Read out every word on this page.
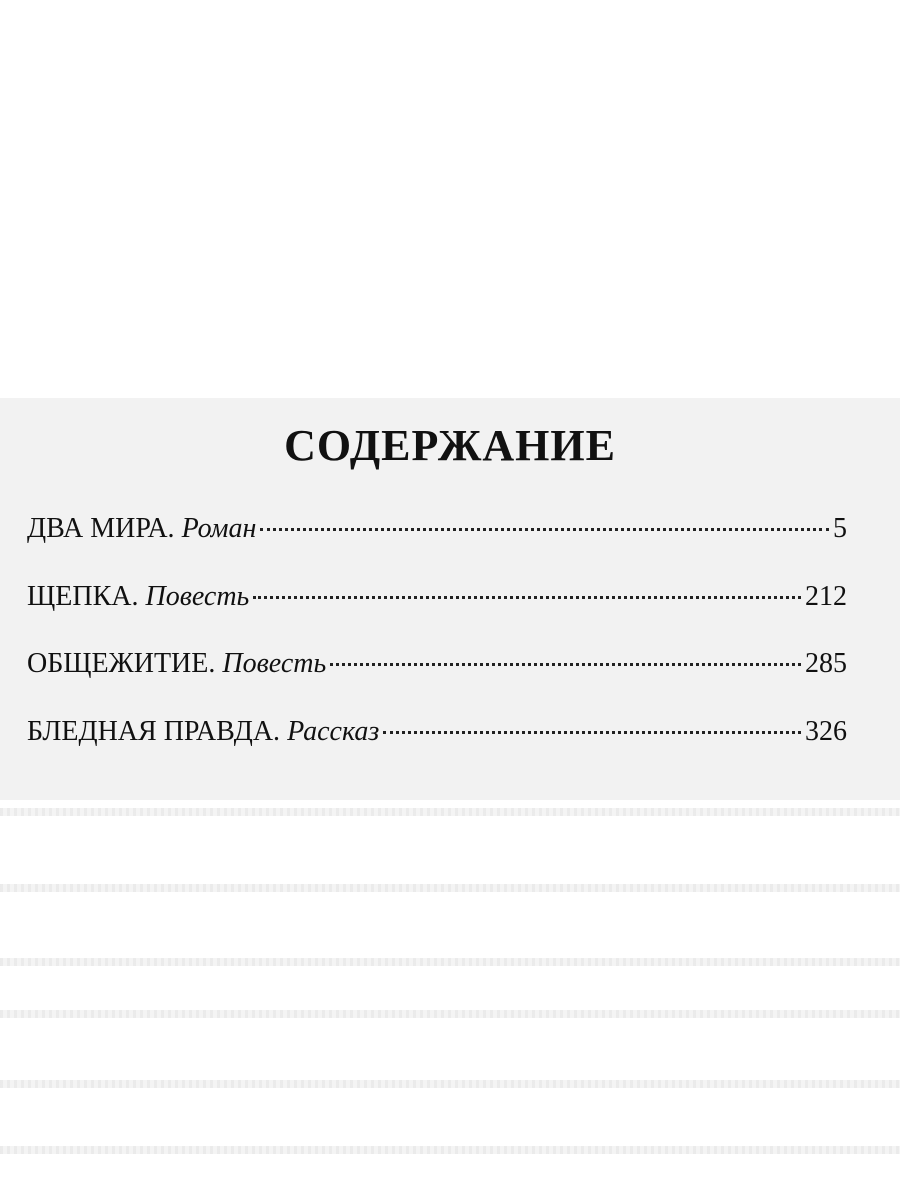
СОДЕРЖАНИЕ
ДВА МИРА. Роман	5
ЩЕПКА. Повесть	212
ОБЩЕЖИТИЕ. Повесть	285
БЛЕДНАЯ ПРАВДА. Рассказ	326
